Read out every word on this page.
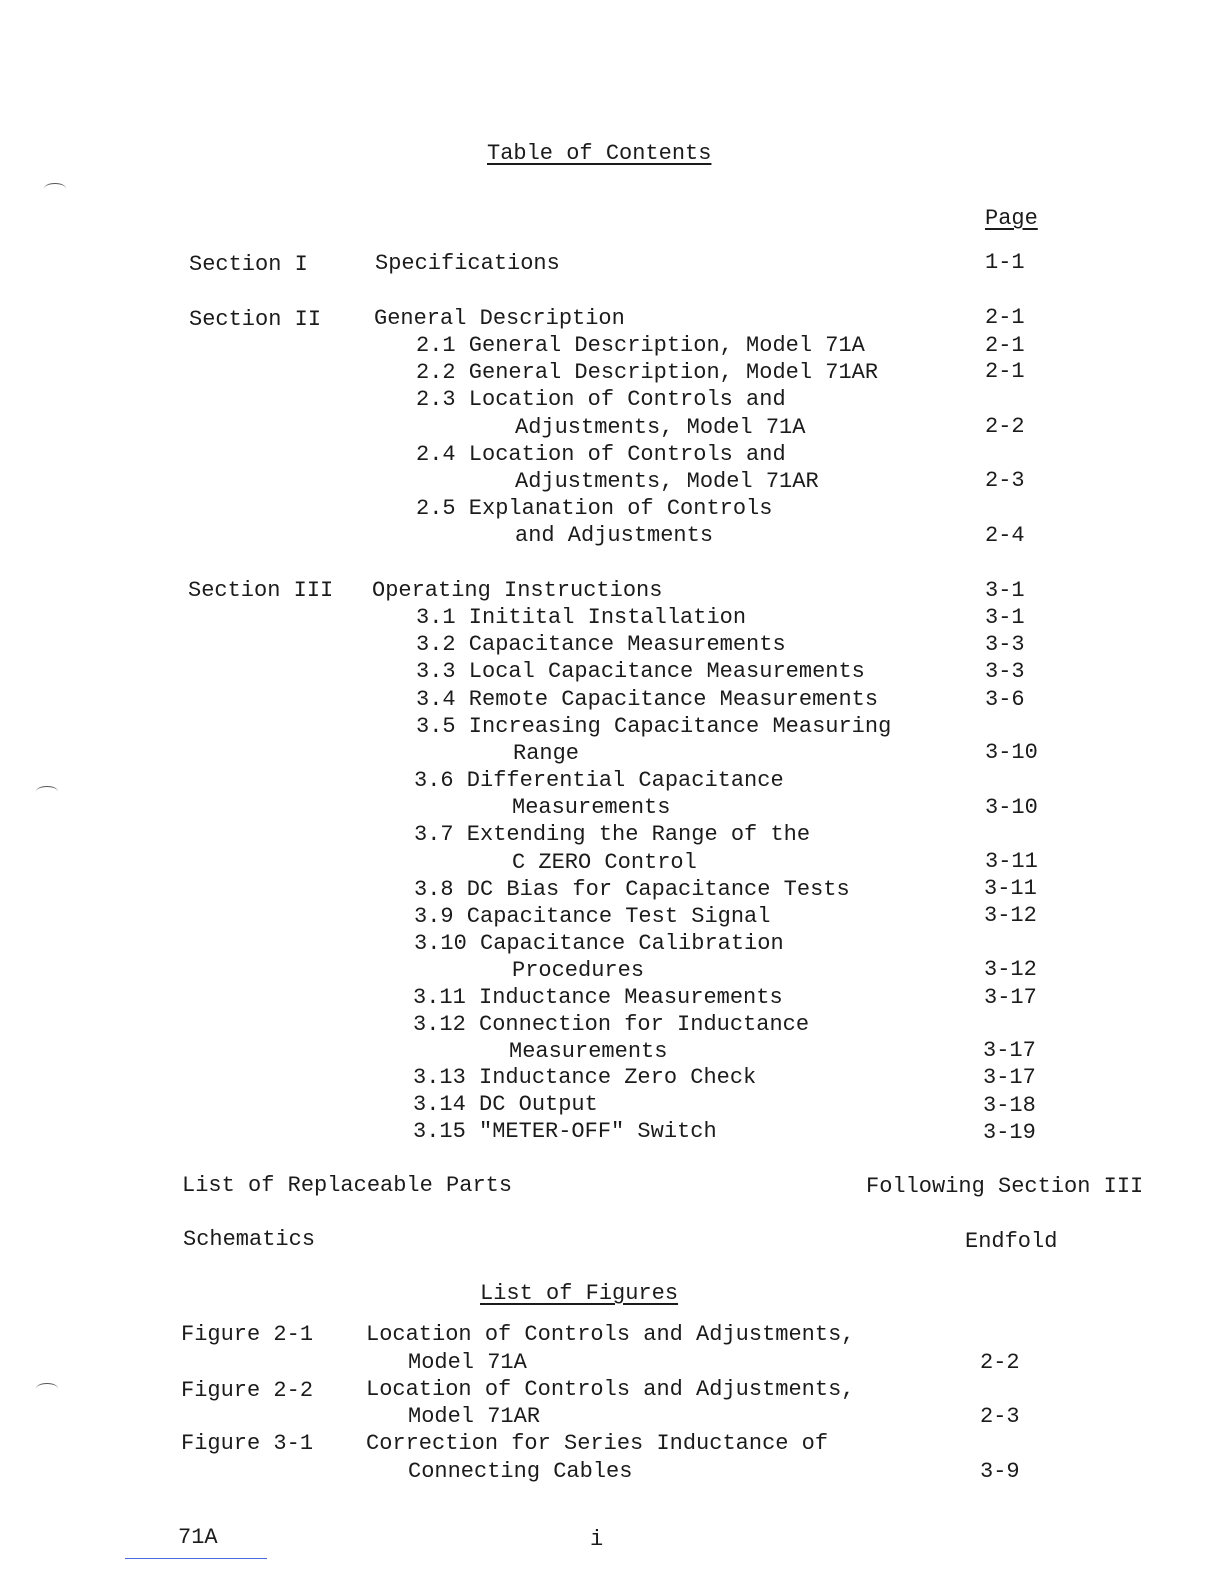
Table of Contents

Page

Section I	Specifications	1-1

Section II General Description	2-1

2.1 General Description, Model 71A	2-1

2.2 General Description, Model 71AR	2-1

2.3 Location of Controls and

Adjustments, Model 71A	2-2

2.4 Location of Controls and

Adjustments, Model 71AR	2-3

2.5 Explanation of Controls

and Adjustments	2-4

Section III Operating Instructions	3-1

3.1 Initital Installation	3-1

3.2 Capacitance Measurements	3-3

3.3 Local Capacitance Measurements	3-3

3.4 Remote Capacitance Measurements	3-6

3.5 Increasing Capacitance Measuring

Range	3-10

3.6 Differential Capacitance

Measurements	3-10

3.7 Extending the Range of the

C ZERO Control	3-11

3.8 DC Bias for Capacitance Tests	3-11

3.9 Capacitance Test Signal	3-12

3.10 Capacitance Calibration

Procedures	3-12

3.11 Inductance Measurements	3-17

3.12 Connection for Inductance

Measurements	3-17

3.13 Inductance Zero Check	3-17

3.14 DC Output	3-18

3.15 "METER-OFF" Switch	3-19

List of Replaceable Parts	Following Section III

Schematics	Endfold

List of Figures

Figure 2-1 Location of Controls and Adjustments,

Model 71A	2-2

Figure 2-2 Location of Controls and Adjustments,

Model 71AR	2-3

Figure 3-1 Correction for Series Inductance of

Connecting Cables	3-9

71A	i
